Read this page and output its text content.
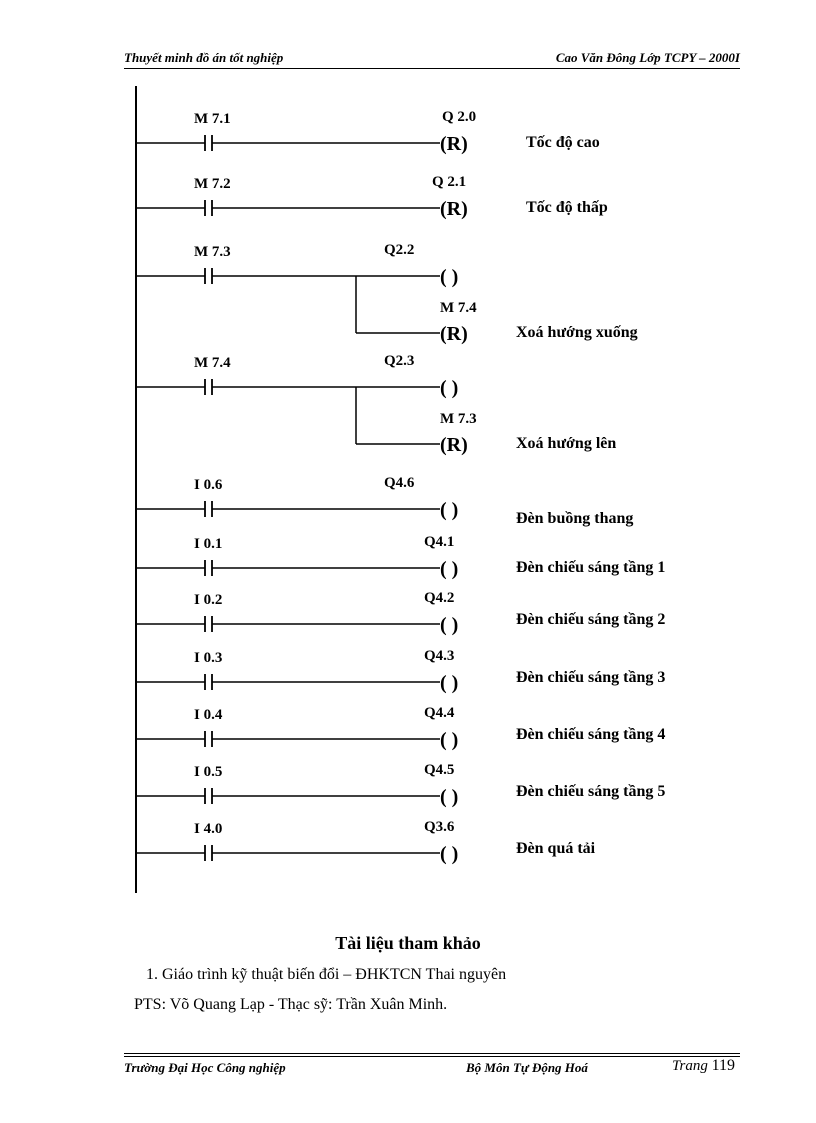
Thuyết minh đồ án tốt nghiệp	Cao Văn Đông Lớp TCPY – 2000I
M 7.1	Q 2.0
(R)	Tốc độ cao
M 7.2	Q 2.1
(R)	Tốc độ thấp
M 7.3	Q2.2
( )
M 7.4
(R)	Xoá hướng xuống
M 7.4	Q2.3
( )
M 7.3
(R)	Xoá hướng lên
I 0.6	Q4.6
( )	Đèn buồng thang
I 0.1	Q4.1
( )	Đèn chiếu sáng tầng 1
I 0.2	Q4.2
( )	Đèn chiếu sáng tầng 2
I 0.3	Q4.3
( )	Đèn chiếu sáng tầng 3
I 0.4	Q4.4
( )	Đèn chiếu sáng tầng 4
I 0.5	Q4.5
( )	Đèn chiếu sáng tầng 5
I 4.0	Q3.6
( )	Đèn quá tải
Tài liệu tham khảo
1. Giáo trình kỹ thuật biến đổi – ĐHKTCN Thai nguyên
PTS: Võ Quang Lạp - Thạc sỹ: Trần Xuân Minh.
Trường Đại Học Công nghiệp	Bộ Môn Tự Động Hoá	Trang 119
